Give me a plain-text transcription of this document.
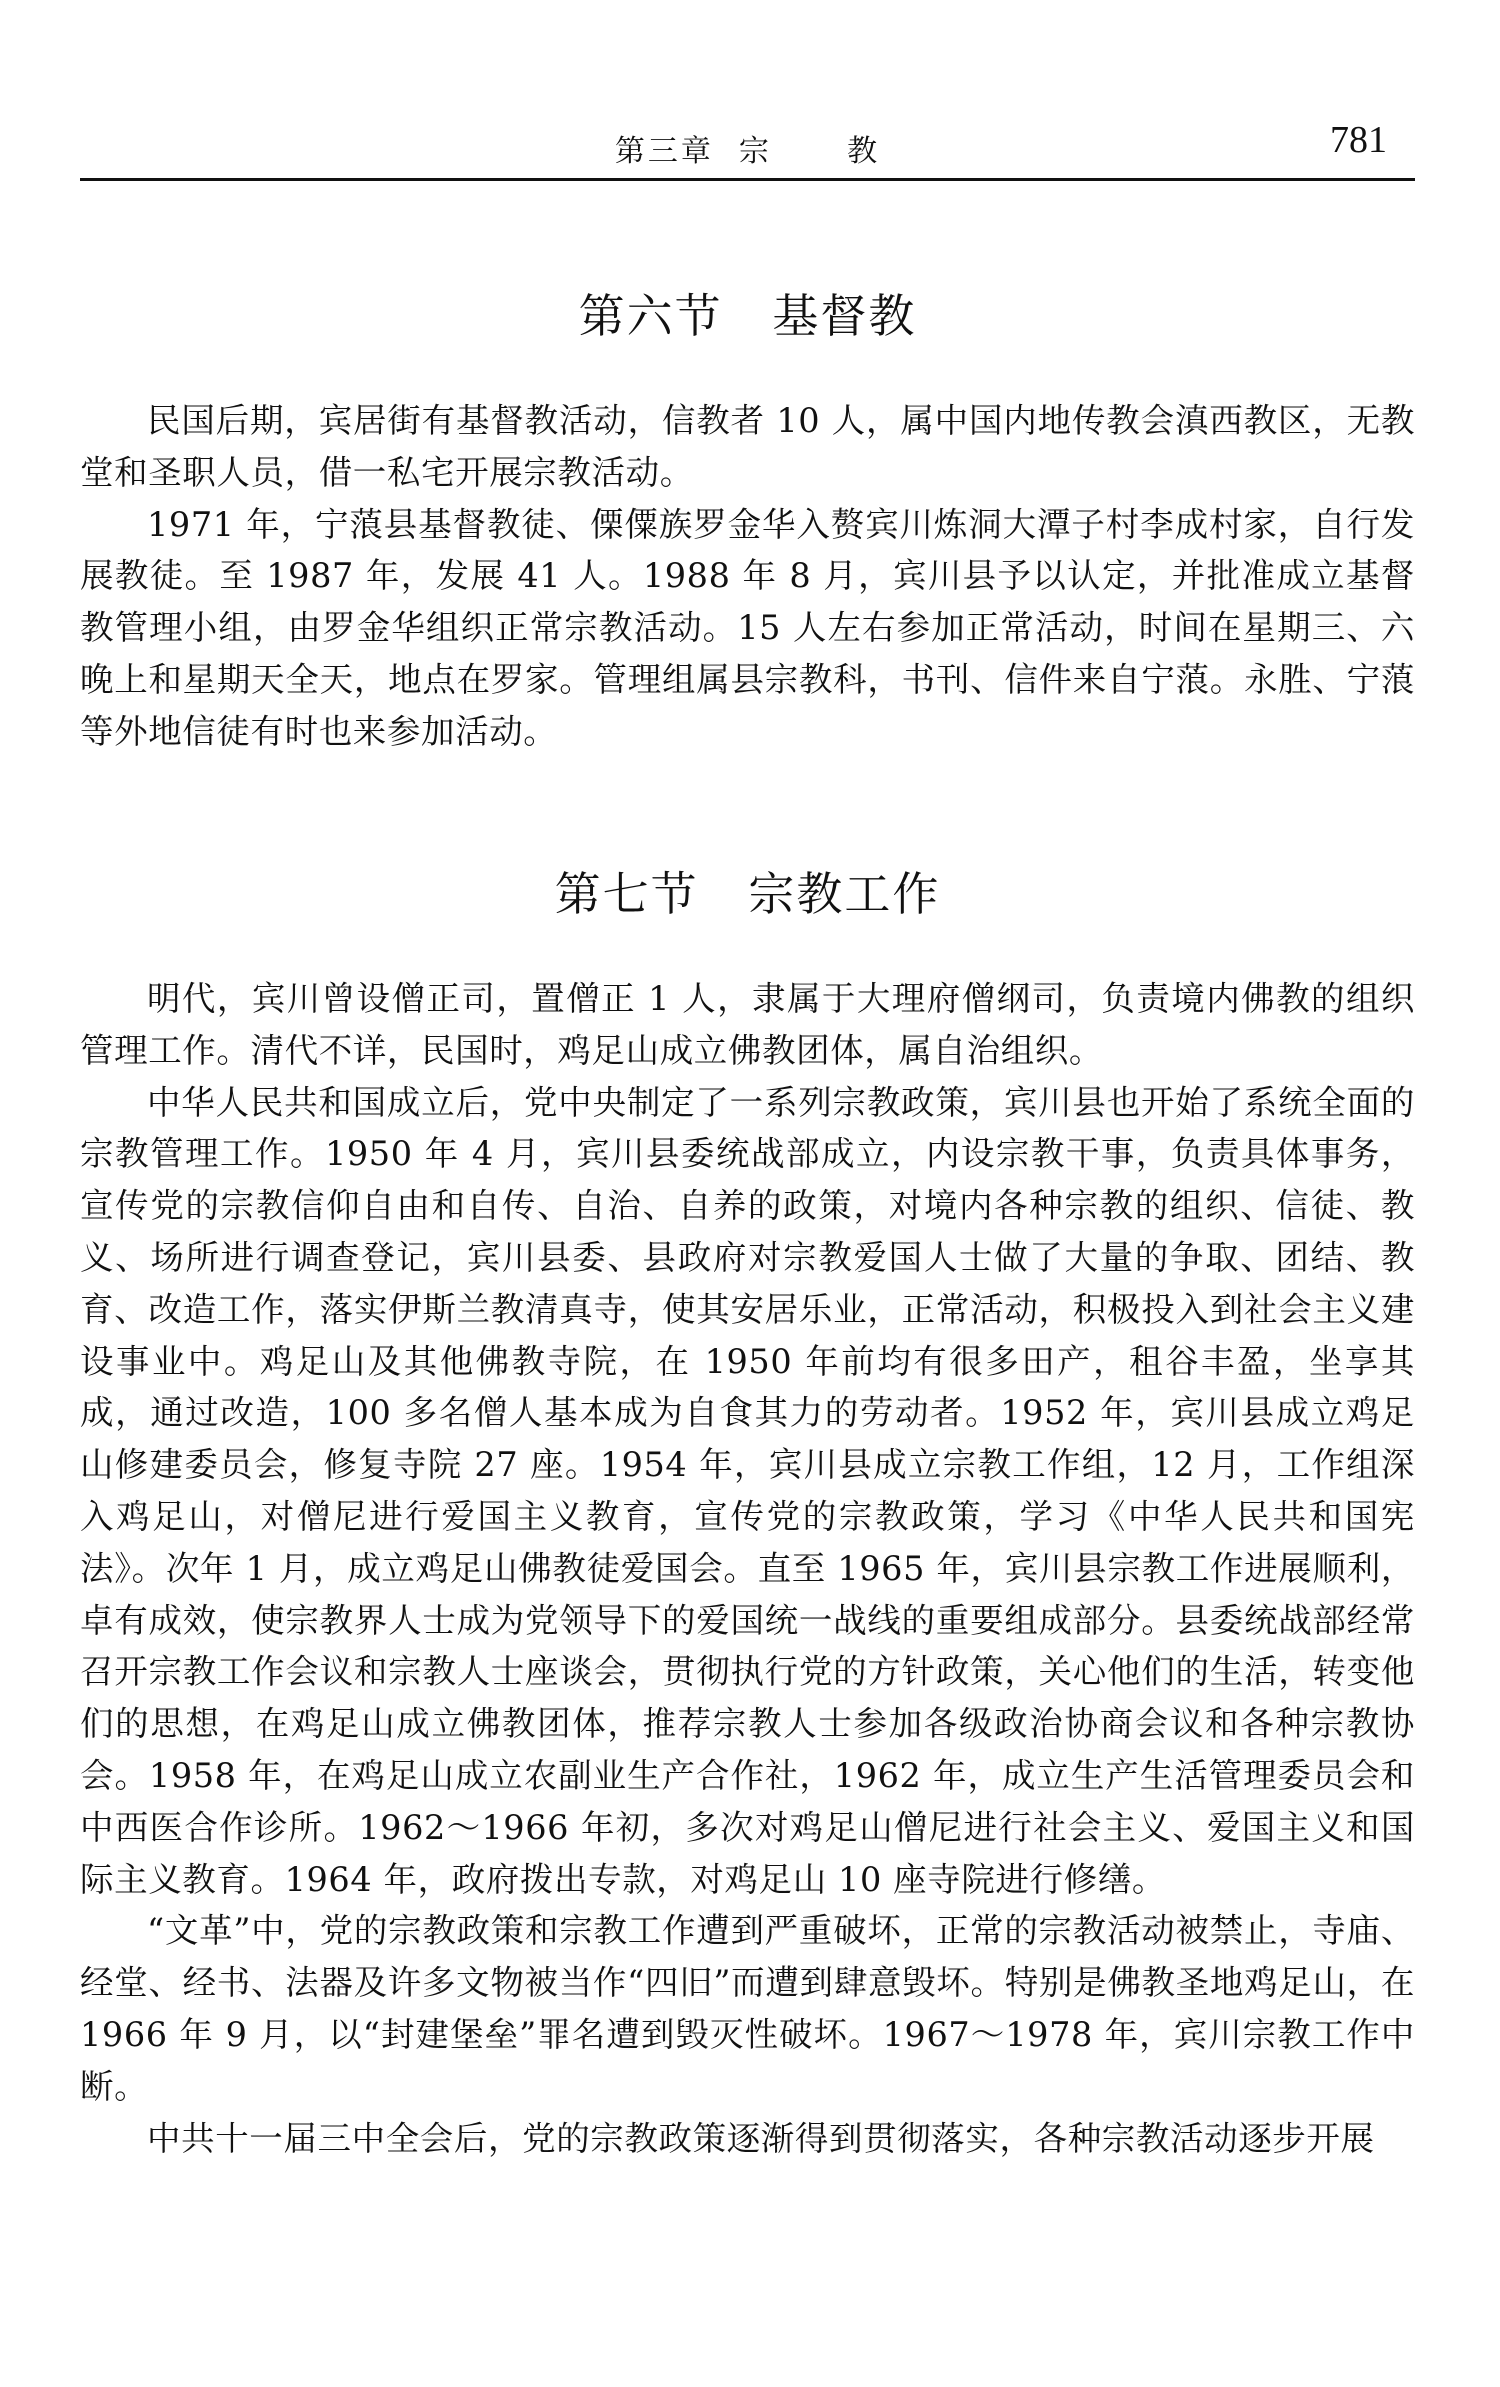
第三章  宗      教	781
第六节   基督教

民国后期，宾居街有基督教活动，信教者 10 人，属中国内地传教会滇西教区，无教堂和圣职人员，借一私宅开展宗教活动。

1971 年，宁蒗县基督教徒、傈僳族罗金华入赘宾川炼洞大潭子村李成村家，自行发展教徒。至 1987 年，发展 41 人。1988 年 8 月，宾川县予以认定，并批准成立基督教管理小组，由罗金华组织正常宗教活动。15 人左右参加正常活动，时间在星期三、六晚上和星期天全天，地点在罗家。管理组属县宗教科，书刊、信件来自宁蒗。永胜、宁蒗等外地信徒有时也来参加活动。

第七节   宗教工作

明代，宾川曾设僧正司，置僧正 1 人，隶属于大理府僧纲司，负责境内佛教的组织管理工作。清代不详，民国时，鸡足山成立佛教团体，属自治组织。

中华人民共和国成立后，党中央制定了一系列宗教政策，宾川县也开始了系统全面的宗教管理工作。1950 年 4 月，宾川县委统战部成立，内设宗教干事，负责具体事务，宣传党的宗教信仰自由和自传、自治、自养的政策，对境内各种宗教的组织、信徒、教义、场所进行调查登记，宾川县委、县政府对宗教爱国人士做了大量的争取、团结、教育、改造工作，落实伊斯兰教清真寺，使其安居乐业，正常活动，积极投入到社会主义建设事业中。鸡足山及其他佛教寺院，在 1950 年前均有很多田产，租谷丰盈，坐享其成，通过改造，100 多名僧人基本成为自食其力的劳动者。1952 年，宾川县成立鸡足山修建委员会，修复寺院 27 座。1954 年，宾川县成立宗教工作组，12 月，工作组深入鸡足山，对僧尼进行爱国主义教育，宣传党的宗教政策，学习《中华人民共和国宪法》。次年 1 月，成立鸡足山佛教徒爱国会。直至 1965 年，宾川县宗教工作进展顺利，卓有成效，使宗教界人士成为党领导下的爱国统一战线的重要组成部分。县委统战部经常召开宗教工作会议和宗教人士座谈会，贯彻执行党的方针政策，关心他们的生活，转变他们的思想，在鸡足山成立佛教团体，推荐宗教人士参加各级政治协商会议和各种宗教协会。1958 年，在鸡足山成立农副业生产合作社，1962 年，成立生产生活管理委员会和中西医合作诊所。1962～1966 年初，多次对鸡足山僧尼进行社会主义、爱国主义和国际主义教育。1964 年，政府拨出专款，对鸡足山 10 座寺院进行修缮。

“文革”中，党的宗教政策和宗教工作遭到严重破坏，正常的宗教活动被禁止，寺庙、经堂、经书、法器及许多文物被当作“四旧”而遭到肆意毁坏。特别是佛教圣地鸡足山，在 1966 年 9 月，以“封建堡垒”罪名遭到毁灭性破坏。1967～1978 年，宾川宗教工作中断。

中共十一届三中全会后，党的宗教政策逐渐得到贯彻落实，各种宗教活动逐步开展
